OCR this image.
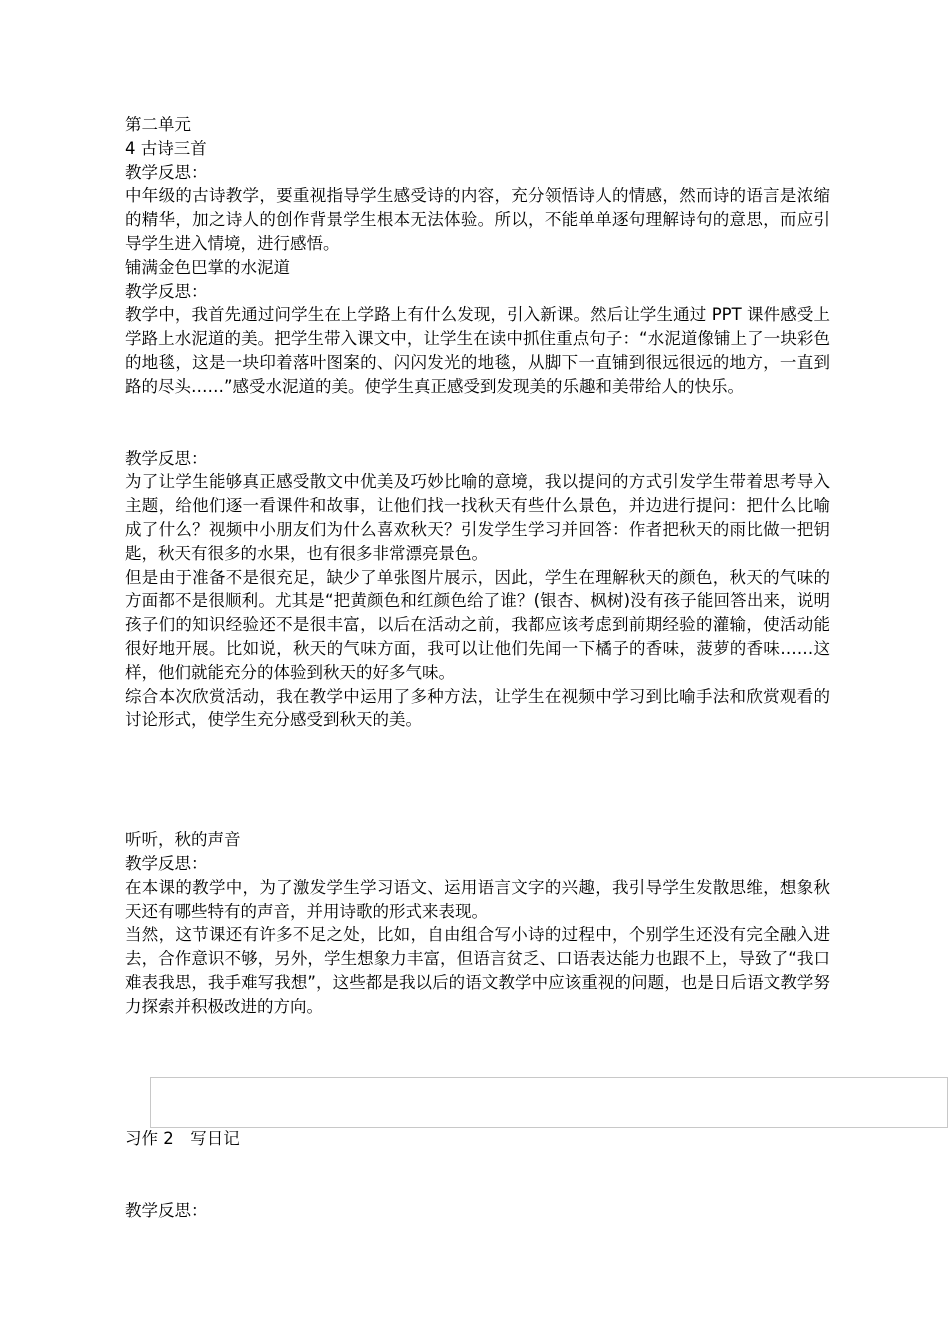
第二单元
4 古诗三首
教学反思：

中年级的古诗教学，要重视指导学生感受诗的内容，充分领悟诗人的情感，然而诗的语言是浓缩的精华，加之诗人的创作背景学生根本无法体验。所以，不能单单逐句理解诗句的意思，而应引导学生进入情境，进行感悟。

铺满金色巴掌的水泥道
教学反思：

教学中，我首先通过问学生在上学路上有什么发现，引入新课。然后让学生通过 PPT 课件感受上学路上水泥道的美。把学生带入课文中，让学生在读中抓住重点句子：“水泥道像铺上了一块彩色的地毯，这是一块印着落叶图案的、闪闪发光的地毯，从脚下一直铺到很远很远的地方，一直到路的尽头……”感受水泥道的美。使学生真正感受到发现美的乐趣和美带给人的快乐。

教学反思：

为了让学生能够真正感受散文中优美及巧妙比喻的意境，我以提问的方式引发学生带着思考导入主题，给他们逐一看课件和故事，让他们找一找秋天有些什么景色，并边进行提问：把什么比喻成了什么？视频中小朋友们为什么喜欢秋天？引发学生学习并回答：作者把秋天的雨比做一把钥匙，秋天有很多的水果，也有很多非常漂亮景色。

但是由于准备不是很充足，缺少了单张图片展示，因此，学生在理解秋天的颜色，秋天的气味的方面都不是很顺利。尤其是“把黄颜色和红颜色给了谁？(银杏、枫树)没有孩子能回答出来，说明孩子们的知识经验还不是很丰富，以后在活动之前，我都应该考虑到前期经验的灌输，使活动能很好地开展。比如说，秋天的气味方面，我可以让他们先闻一下橘子的香味，菠萝的香味……这样，他们就能充分的体验到秋天的好多气味。

综合本次欣赏活动，我在教学中运用了多种方法，让学生在视频中学习到比喻手法和欣赏观看的讨论形式，使学生充分感受到秋天的美。

听听，秋的声音
教学反思：

在本课的教学中，为了激发学生学习语文、运用语言文字的兴趣，我引导学生发散思维，想象秋天还有哪些特有的声音，并用诗歌的形式来表现。

当然，这节课还有许多不足之处，比如，自由组合写小诗的过程中，个别学生还没有完全融入进去，合作意识不够，另外，学生想象力丰富，但语言贫乏、口语表达能力也跟不上，导致了“我口难表我思，我手难写我想”，这些都是我以后的语文教学中应该重视的问题，也是日后语文教学努力探索并积极改进的方向。

习作 2　写日记
教学反思：
